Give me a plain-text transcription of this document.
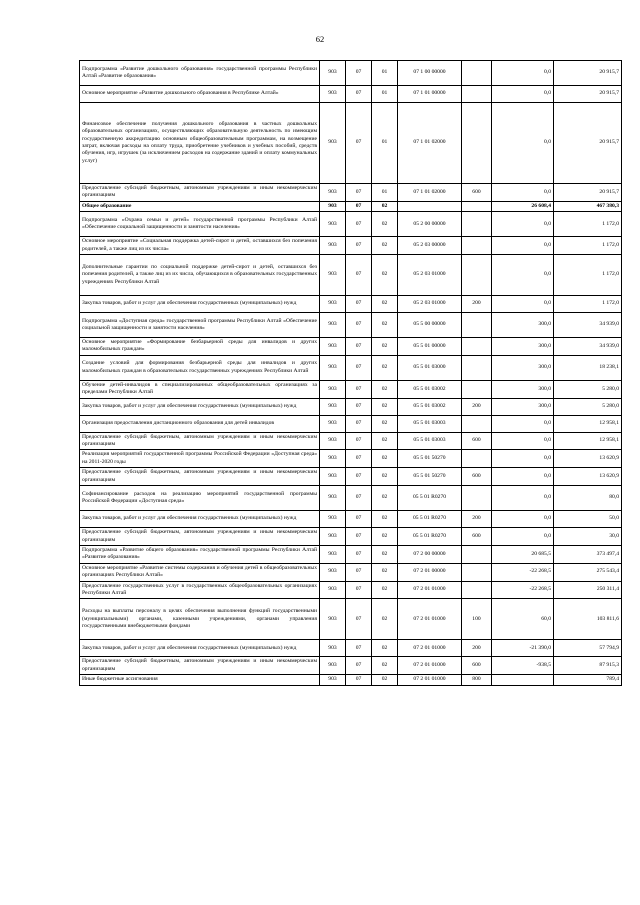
62
Подпрограмма «Развитие дошкольного образования» государственной программы Республики Алтай «Развитие образования»	903	07	01	07 1 00 00000		0,0	20 915,7
Основное мероприятие «Развитие дошкольного образования в Республике Алтай»	903	07	01	07 1 01 00000		0,0	20 915,7
Финансовое обеспечение получения дошкольного образования в частных дошкольных образовательных организациях, осуществляющих образовательную деятельность по имеющим государственную аккредитацию основным общеобразовательным программам, на возмещение затрат, включая расходы на оплату труда, приобретение учебников и учебных пособий, средств обучения, игр, игрушек (за исключением расходов на содержание зданий и оплату коммунальных услуг)	903	07	01	07 1 01 02000		0,0	20 915,7
Предоставление субсидий бюджетным, автономным учреждениям и иным некоммерческим организациям	903	07	01	07 1 01 02000	600	0,0	20 915,7
Общее образование	903	07	02			26 608,4	467 380,3
Подпрограмма «Охрана семьи и детей» государственной программы Республики Алтай «Обеспечение социальной защищенности и занятости населения»	903	07	02	05 2 00 00000		0,0	1 172,0
Основное мероприятие «Социальная поддержка детей-сирот и детей, оставшихся без попечения родителей, а также лиц из их числа»	903	07	02	05 2 03 00000		0,0	1 172,0
Дополнительные гарантии по социальной поддержке детей-сирот и детей, оставшихся без попечения родителей, а также лиц из их числа, обучающихся в образовательных государственных учреждениях Республики Алтай	903	07	02	05 2 03 01000		0,0	1 172,0
Закупка товаров, работ и услуг для обеспечения государственных (муниципальных) нужд	903	07	02	05 2 03 01000	200	0,0	1 172,0
Подпрограмма «Доступная среда» государственной программы Республики Алтай «Обеспечение социальной защищенности и занятости населения»	903	07	02	05 5 00 00000		300,0	34 939,0
Основное мероприятие «Формирование безбарьерной среды для инвалидов и других маломобильных граждан»	903	07	02	05 5 01 00000		300,0	34 939,0
Создание условий для формирования безбарьерной среды для инвалидов и других маломобильных граждан в образовательных государственных учреждениях Республики Алтай	903	07	02	05 5 01 03000		300,0	18 238,1
Обучение детей-инвалидов в специализированных общеобразовательных организациях за пределами Республики Алтай	903	07	02	05 5 01 03002		300,0	5 280,0
Закупка товаров, работ и услуг для обеспечения государственных (муниципальных) нужд	903	07	02	05 5 01 03002	200	300,0	5 280,0
Организация предоставления дистанционного образования для детей инвалидов	903	07	02	05 5 01 03003		0,0	12 958,1
Предоставление субсидий бюджетным, автономным учреждениям и иным некоммерческим организациям	903	07	02	05 5 01 03003	600	0,0	12 958,1
Реализация мероприятий государственной программы Российской Федерации «Доступная среда» на 2011-2020 годы	903	07	02	05 5 01 50270		0,0	13 620,9
Предоставление субсидий бюджетным, автономным учреждениям и иным некоммерческим организациям	903	07	02	05 5 01 50270	600	0,0	13 620,9
Софинансирование расходов на реализацию мероприятий государственной программы Российской Федерации «Доступная среда»	903	07	02	05 5 01 R0270		0,0	80,0
Закупка товаров, работ и услуг для обеспечения государственных (муниципальных) нужд	903	07	02	05 5 01 R0270	200	0,0	50,0
Предоставление субсидий бюджетным, автономным учреждениям и иным некоммерческим организациям	903	07	02	05 5 01 R0270	600	0,0	30,0
Подпрограмма «Развитие общего образования» государственной программы Республики Алтай «Развитие образования»	903	07	02	07 2 00 00000		20 685,5	373 497,4
Основное мероприятие «Развитие системы содержания и обучения детей в общеобразовательных организациях Республики Алтай»	903	07	02	07 2 01 00000		-22 268,5	275 543,4
Предоставление государственных услуг в государственных общеобразовательных организациях Республики Алтай	903	07	02	07 2 01 01000		-22 268,5	250 311,4
Расходы на выплаты персоналу в целях обеспечения выполнения функций государственными (муниципальными) органами, казенными учреждениями, органами управления государственными внебюджетными фондами	903	07	02	07 2 01 01000	100	60,0	103 811,6
Закупка товаров, работ и услуг для обеспечения государственных (муниципальных) нужд	903	07	02	07 2 01 01000	200	-21 390,0	57 794,9
Предоставление субсидий бюджетным, автономным учреждениям и иным некоммерческим организациям	903	07	02	07 2 01 01000	600	-938,5	87 915,3
Иные бюджетные ассигнования	903	07	02	07 2 01 01000	800		789,4
